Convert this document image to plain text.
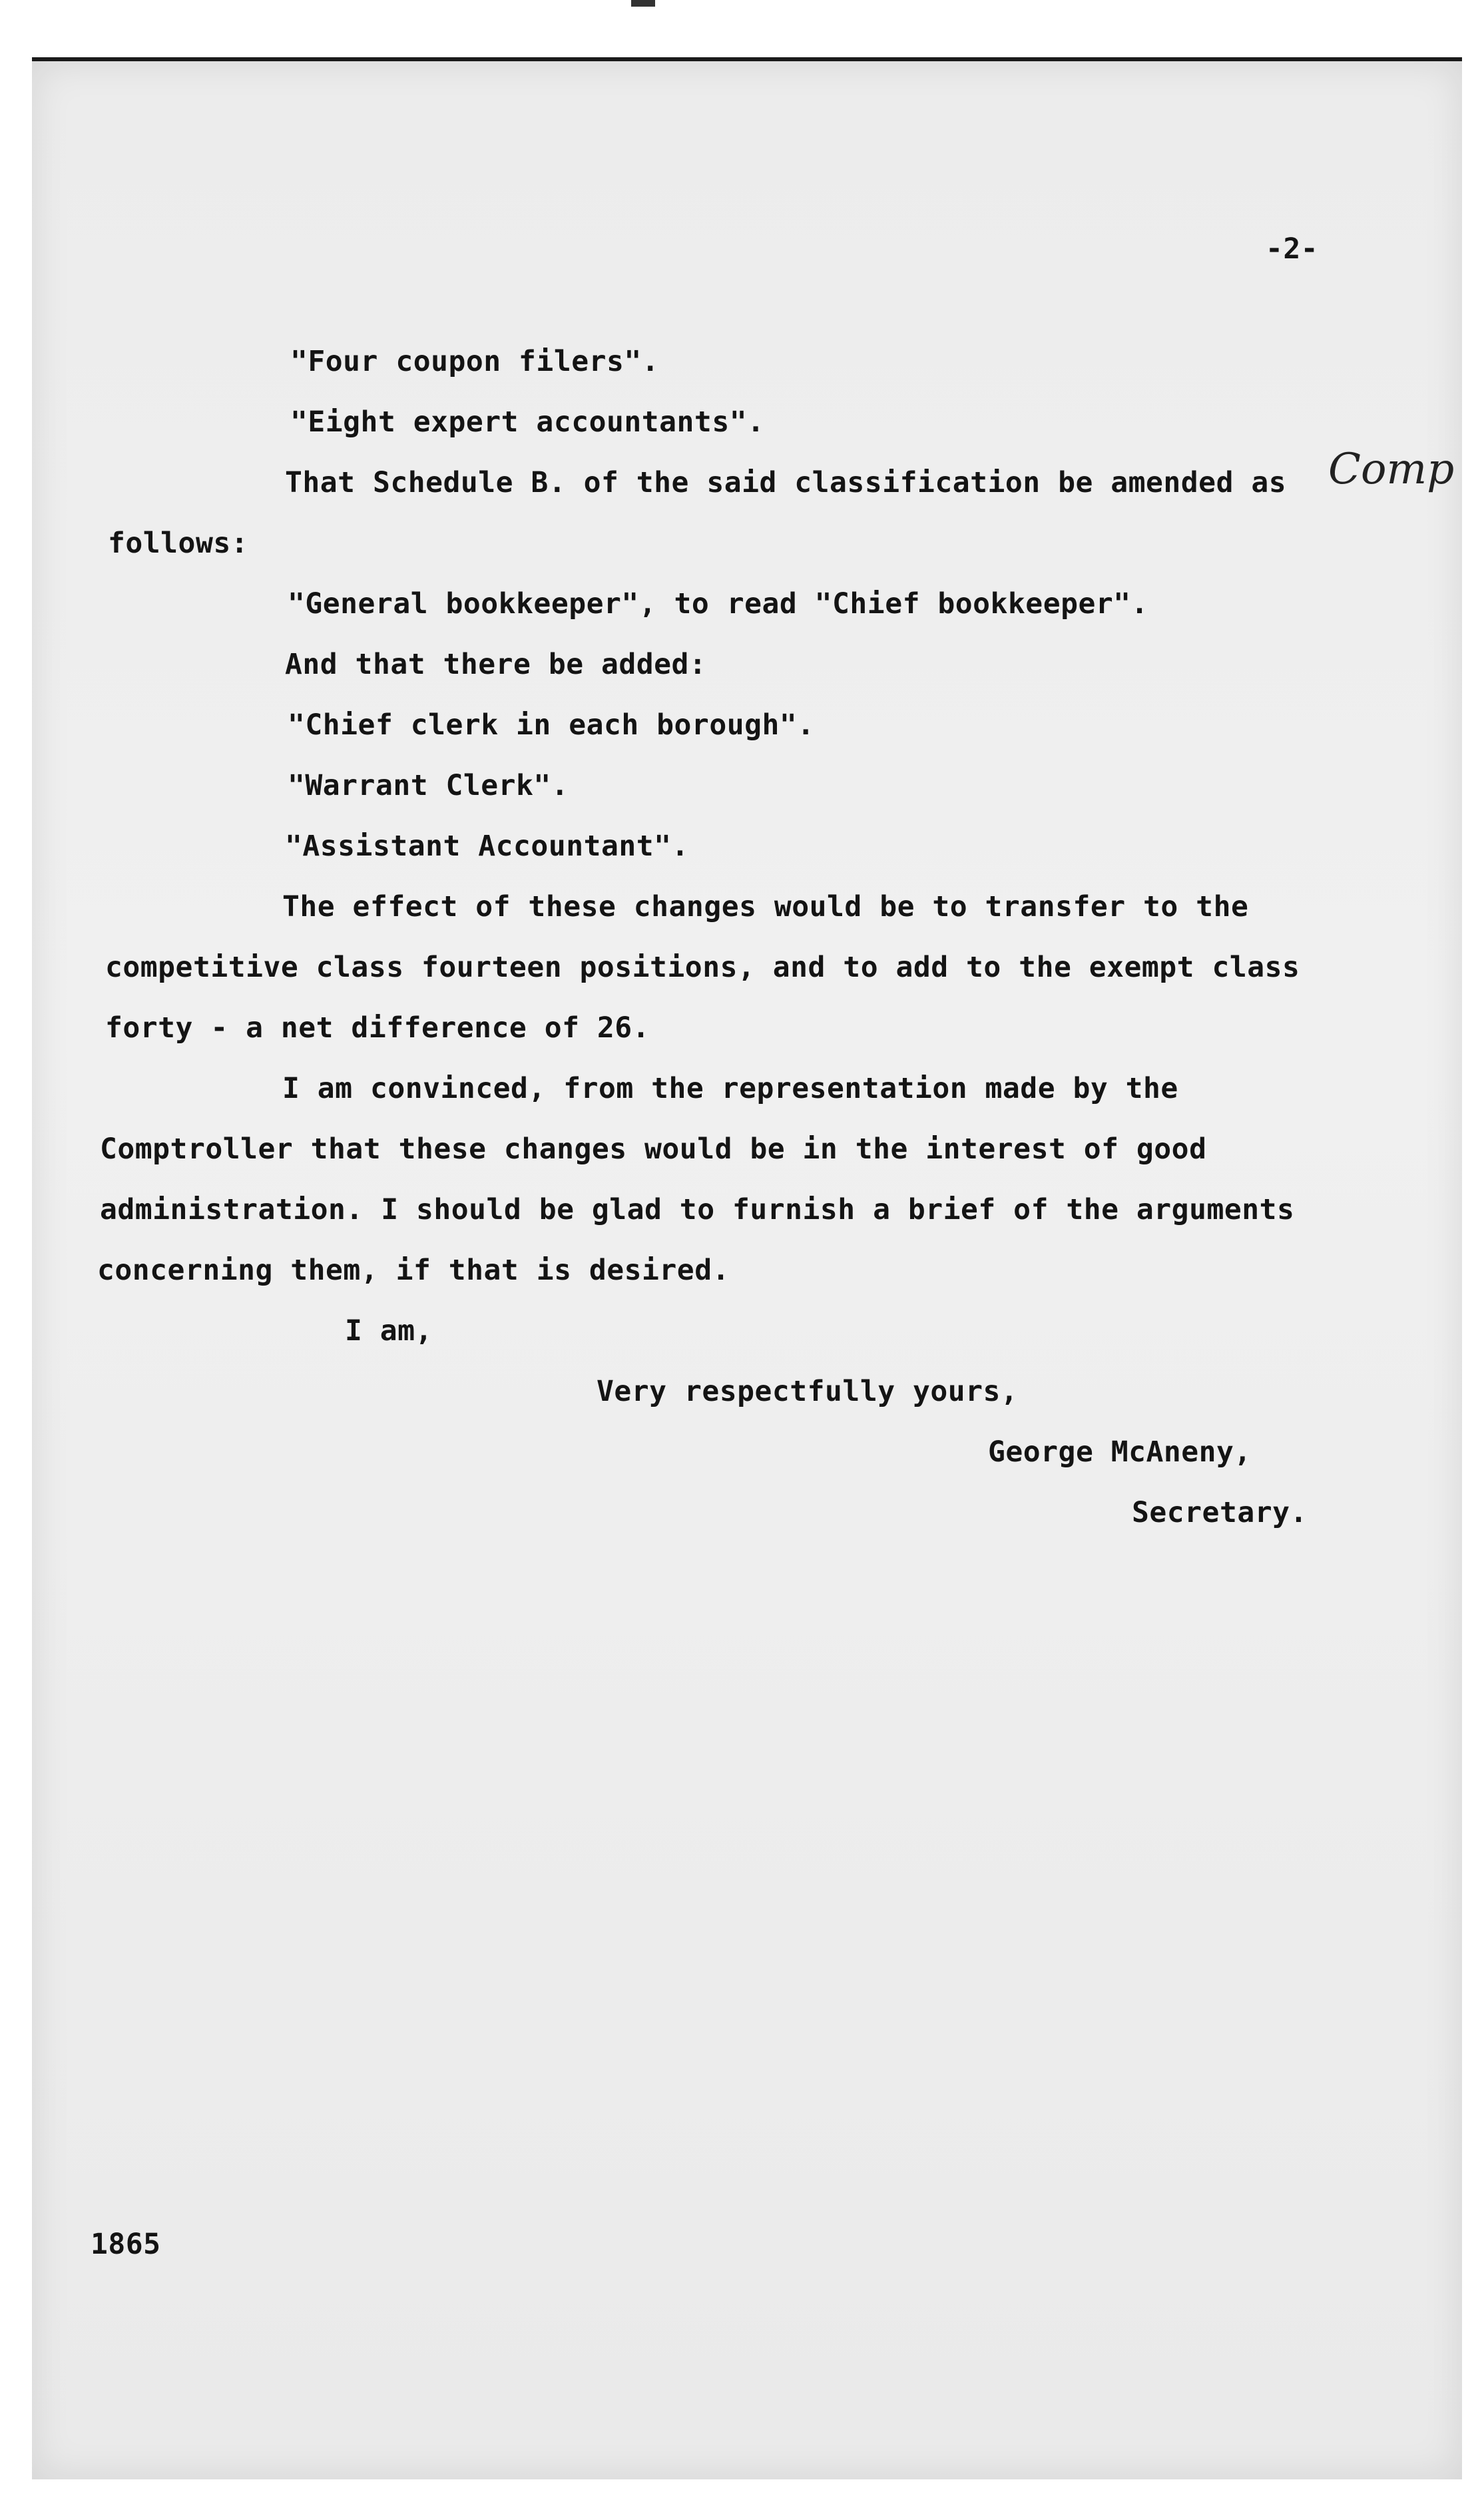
-2-
"Four coupon filers".
"Eight expert accountants".
That Schedule B. of the said classification be amended as Comp
follows:
"General bookkeeper", to read "Chief bookkeeper".
And that there be added:
"Chief clerk in each borough".
"Warrant Clerk".
"Assistant Accountant".
The effect of these changes would be to transfer to the
competitive class fourteen positions, and to add to the exempt class
forty - a net difference of 26.
I am convinced, from the representation made by the
Comptroller that these changes would be in the interest of good
administration. I should be glad to furnish a brief of the arguments
concerning them, if that is desired.
I am,
Very respectfully yours,
George McAneny,
Secretary.
1865
